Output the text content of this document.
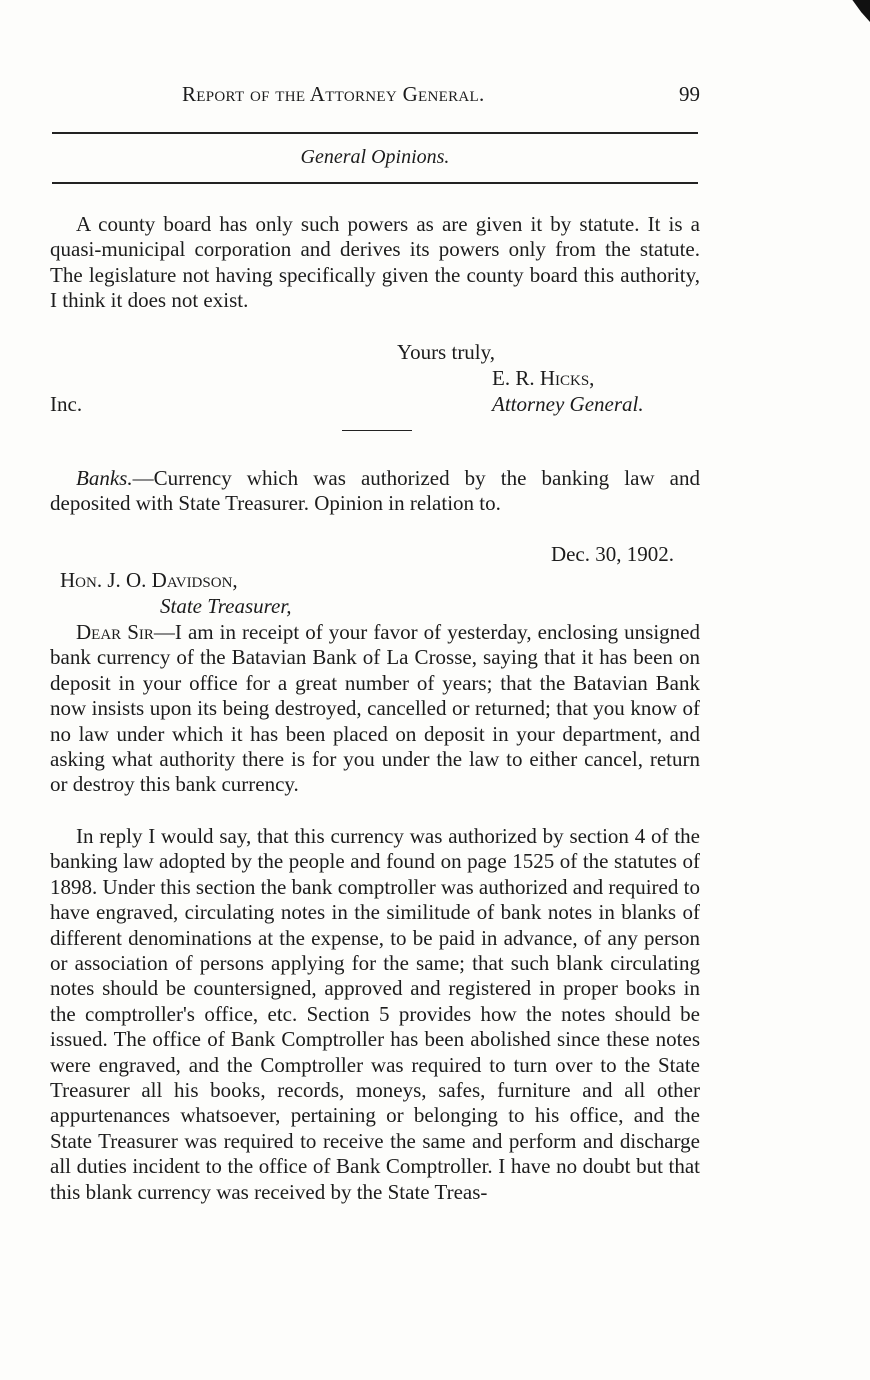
Report of the Attorney General.	99
General Opinions.

A county board has only such powers as are given it by statute. It is a quasi-municipal corporation and derives its powers only from the statute. The legislature not having specifically given the county board this authority, I think it does not exist.

Yours truly,
E. R. Hicks,
Inc.	Attorney General.

Banks.—Currency which was authorized by the banking law and deposited with State Treasurer. Opinion in relation to.

Dec. 30, 1902.
Hon. J. O. Davidson,
State Treasurer,

Dear Sir—I am in receipt of your favor of yesterday, enclosing unsigned bank currency of the Batavian Bank of La Crosse, saying that it has been on deposit in your office for a great number of years; that the Batavian Bank now insists upon its being destroyed, cancelled or returned; that you know of no law under which it has been placed on deposit in your department, and asking what authority there is for you under the law to either cancel, return or destroy this bank currency.

In reply I would say, that this currency was authorized by section 4 of the banking law adopted by the people and found on page 1525 of the statutes of 1898. Under this section the bank comptroller was authorized and required to have engraved, circulating notes in the similitude of bank notes in blanks of different denominations at the expense, to be paid in advance, of any person or association of persons applying for the same; that such blank circulating notes should be countersigned, approved and registered in proper books in the comptroller's office, etc. Section 5 provides how the notes should be issued. The office of Bank Comptroller has been abolished since these notes were engraved, and the Comptroller was required to turn over to the State Treasurer all his books, records, moneys, safes, furniture and all other appurtenances whatsoever, pertaining or belonging to his office, and the State Treasurer was required to receive the same and perform and discharge all duties incident to the office of Bank Comptroller. I have no doubt but that this blank currency was received by the State Treas-
